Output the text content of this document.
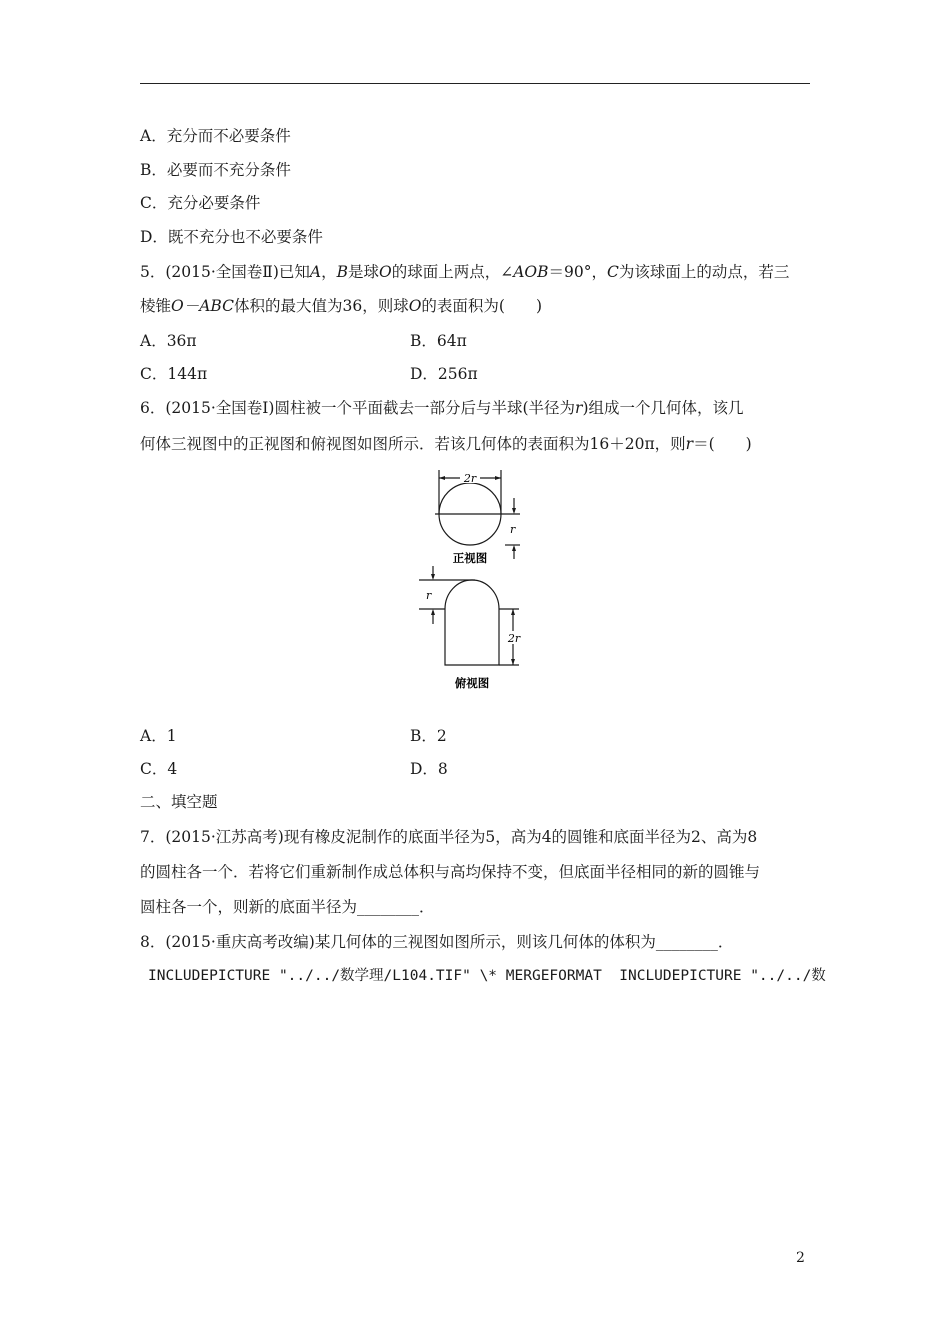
A．充分而不必要条件
B．必要而不充分条件
C．充分必要条件
D．既不充分也不必要条件
5．(2015·全国卷Ⅱ)已知A，B是球O的球面上两点，∠AOB＝90°，C为该球面上的动点，若三
棱锥O－ABC体积的最大值为36，则球O的表面积为(　　)
A．36π	B．64π
C．144π	D．256π
6．(2015·全国卷Ⅰ)圆柱被一个平面截去一部分后与半球(半径为r)组成一个几何体，该几
何体三视图中的正视图和俯视图如图所示．若该几何体的表面积为16＋20π，则r＝(　　)
2r
r
正视图
r
2r
俯视图
A．1	B．2
C．4	D．8
二、填空题
7．(2015·江苏高考)现有橡皮泥制作的底面半径为5，高为4的圆锥和底面半径为2、高为8
的圆柱各一个．若将它们重新制作成总体积与高均保持不变，但底面半径相同的新的圆锥与
圆柱各一个，则新的底面半径为________．
8．(2015·重庆高考改编)某几何体的三视图如图所示，则该几何体的体积为________．
INCLUDEPICTURE "../../数学理/L104.TIF" \* MERGEFORMAT  INCLUDEPICTURE "../../数
2
